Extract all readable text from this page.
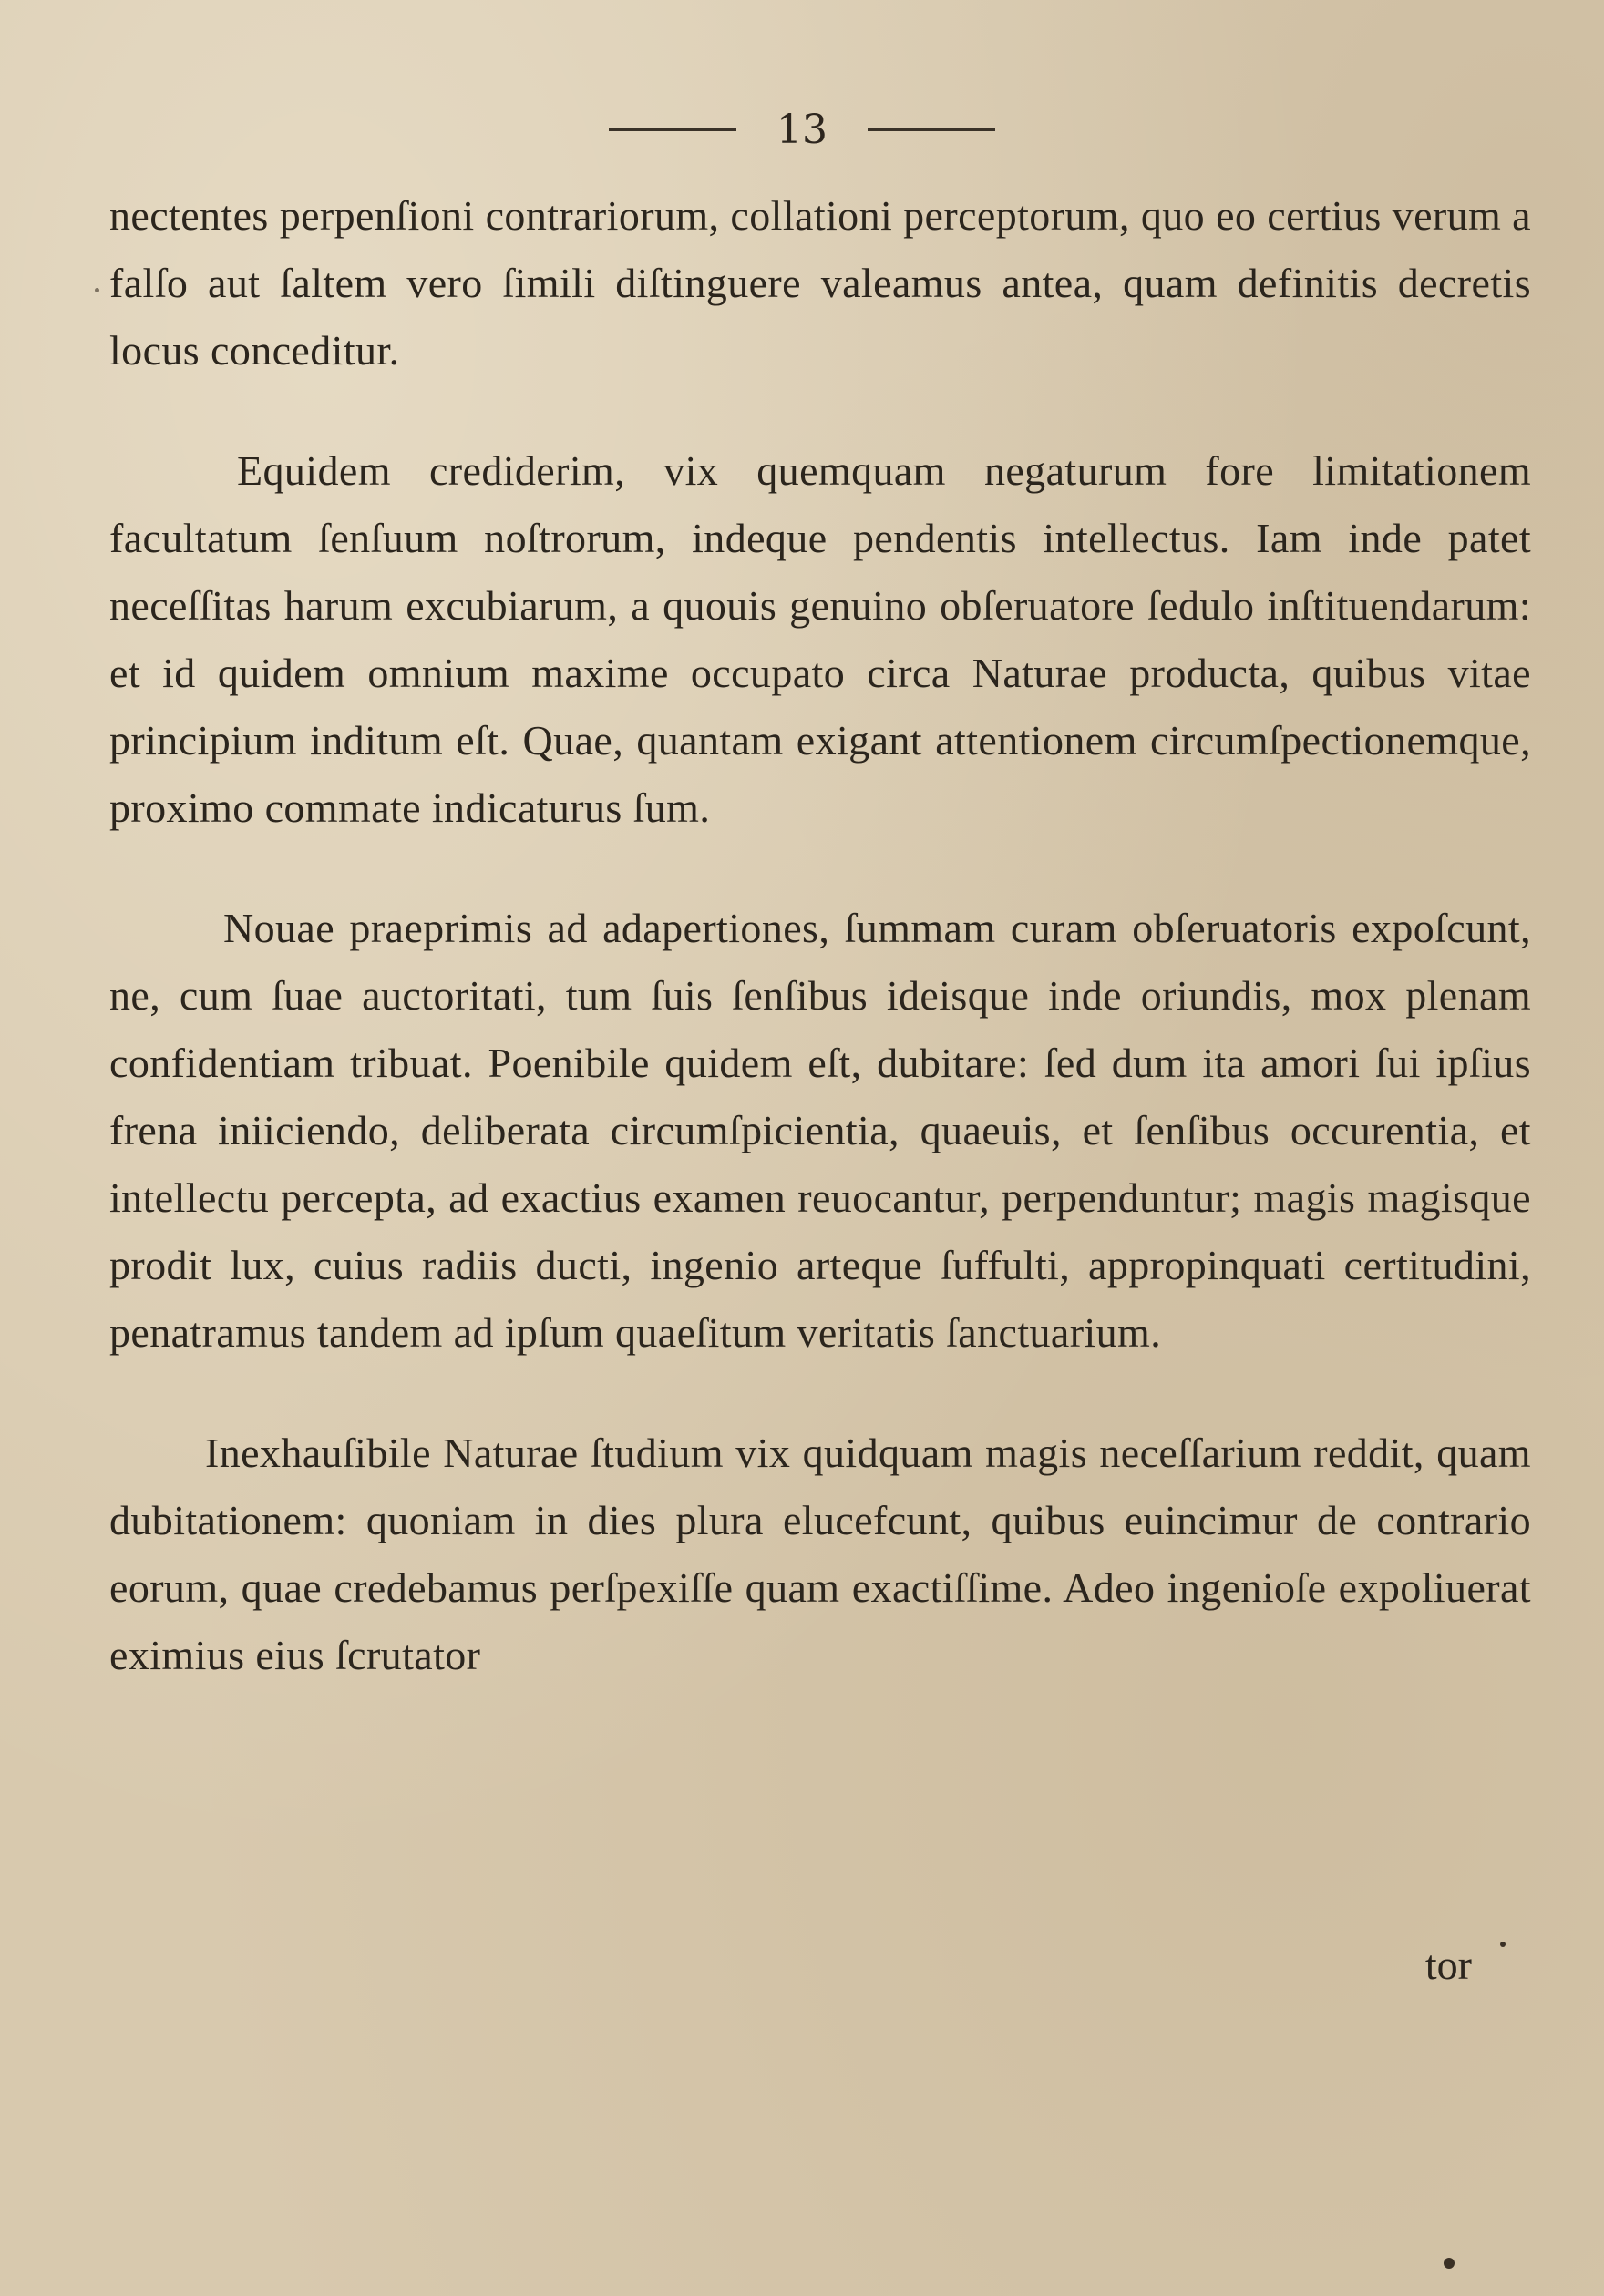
13

nectentes perpenſioni contrariorum, collationi perceptorum, quo eo certius verum a falſo aut ſaltem vero ſimili diſtinguere valeamus antea, quam definitis decretis locus conceditur.

Equidem crediderim, vix quemquam negaturum fore limitationem facultatum ſenſuum noſtrorum, indeque pendentis intellectus. Iam inde patet neceſſitas harum excubiarum, a quouis genuino obſeruatore ſedulo inſtituendarum: et id quidem omnium maxime occupato circa Naturae producta, quibus vitae principium inditum eſt. Quae, quantam exigant attentionem circumſpectionemque, proximo commate indicaturus ſum.

Nouae praeprimis ad adapertiones, ſummam curam obſeruatoris expoſcunt, ne, cum ſuae auctoritati, tum ſuis ſenſibus ideisque inde oriundis, mox plenam confidentiam tribuat. Poenibile quidem eſt, dubitare: ſed dum ita amori ſui ipſius frena iniiciendo, deliberata circumſpicientia, quaeuis, et ſenſibus occurentia, et intellectu percepta, ad exactius examen reuocantur, perpenduntur; magis magisque prodit lux, cuius radiis ducti, ingenio arteque ſuffulti, appropinquati certitudini, penatramus tandem ad ipſum quaeſitum veritatis ſanctuarium.

Inexhauſibile Naturae ſtudium vix quidquam magis neceſſarium reddit, quam dubitationem: quoniam in dies plura elucefcunt, quibus euincimur de contrario eorum, quae credebamus perſpexiſſe quam exactiſſime. Adeo ingenioſe expoliuerat eximius eius ſcrutator

tor
